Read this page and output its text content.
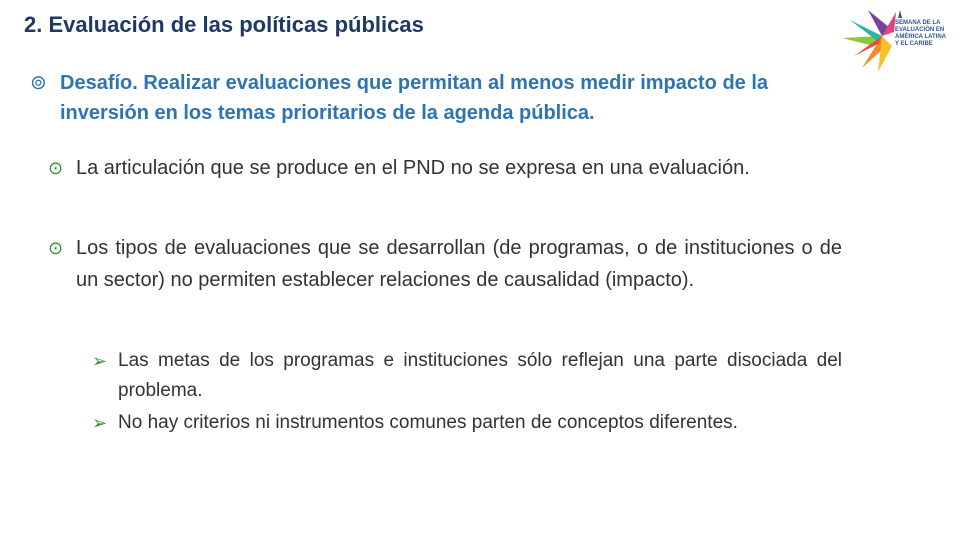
2. Evaluación de las políticas públicas	SEMANA DE LA
EVALUACIÓN EN
AMÉRICA LATINA
Y EL CARIBE
⊚ Desafío. Realizar evaluaciones que permitan al menos medir impacto de la inversión en los temas prioritarios de la agenda pública.
⊙ La articulación que se produce en el PND no se expresa en una evaluación.
⊙ Los tipos de evaluaciones que se desarrollan (de programas, o de instituciones o de un sector) no permiten establecer relaciones de causalidad (impacto).
➢ Las metas de los programas e instituciones sólo reflejan una parte disociada del problema.
➢ No hay criterios ni instrumentos comunes parten de conceptos diferentes.
